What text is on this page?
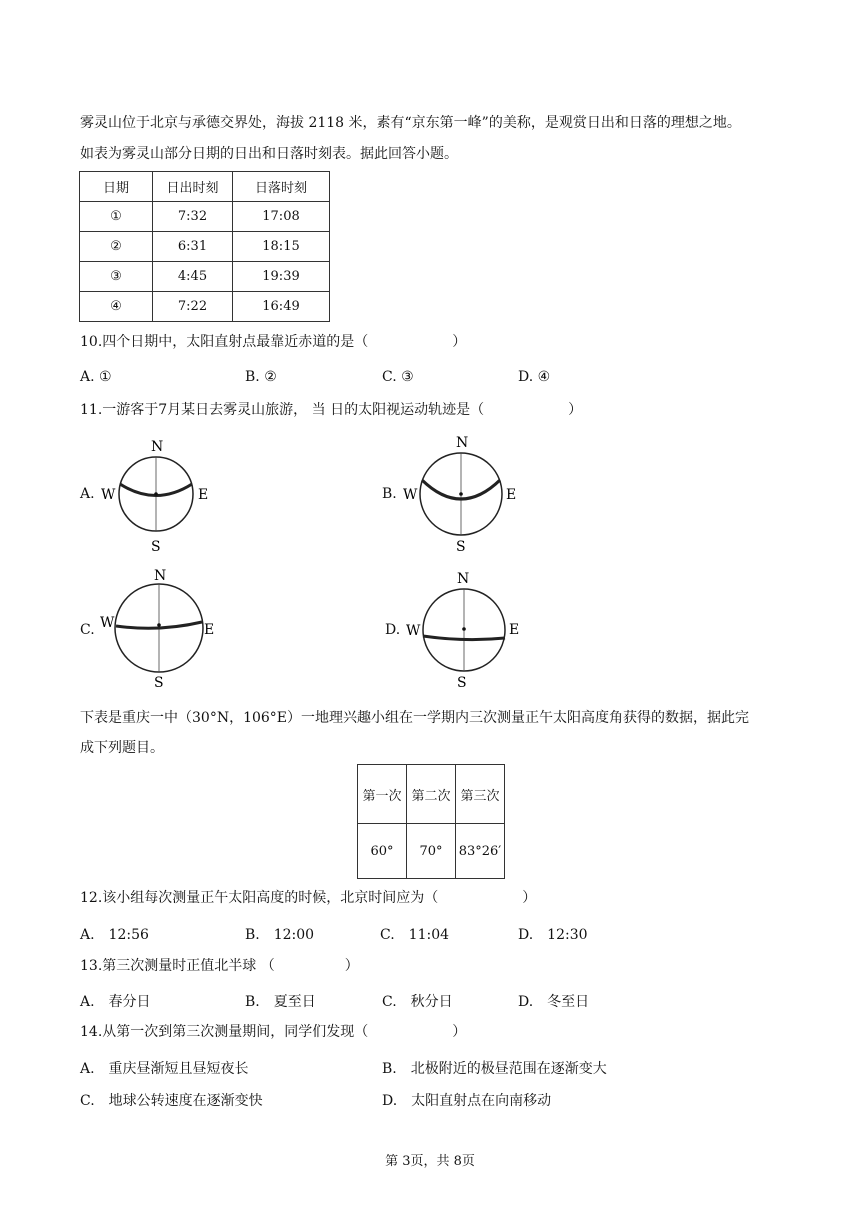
雾灵山位于北京与承德交界处，海拔 2118 米，素有“京东第一峰”的美称，是观赏日出和日落的理想之地。
如表为雾灵山部分日期的日出和日落时刻表。据此回答小题。
日期	日出时刻	日落时刻
①	7:32	17:08
②	6:31	18:15
③	4:45	19:39
④	7:22	16:49
10.四个日期中，太阳直射点最靠近赤道的是（　　　　　　）
A. ①	B. ②	C. ③	D. ④
11.一游客于7月某日去雾灵山旅游， 当 日的太阳视运动轨迹是（　　　　　　）
A.
N
S
W	E	B.
N
S
W	E
C.
N
S
W	E	D.
N
S
W	E
下表是重庆一中（30°N，106°E）一地理兴趣小组在一学期内三次测量正午太阳高度角获得的数据，据此完
成下列题目。
第一次	第二次	第三次
60°	70°	83°26′
12.该小组每次测量正午太阳高度的时候，北京时间应为（　　　　　　）
A.　12:56	B.　12:00	C.　11:04	D.　12:30
13.第三次测量时正值北半球 （　　　　　）
A.　春分日	B.　夏至日	C.　秋分日	D.　冬至日
14.从第一次到第三次测量期间，同学们发现（　　　　　　）
A.　重庆昼渐短且昼短夜长	B.　北极附近的极昼范围在逐渐变大
C.　地球公转速度在逐渐变快	D.　太阳直射点在向南移动
第 3页，共 8页
